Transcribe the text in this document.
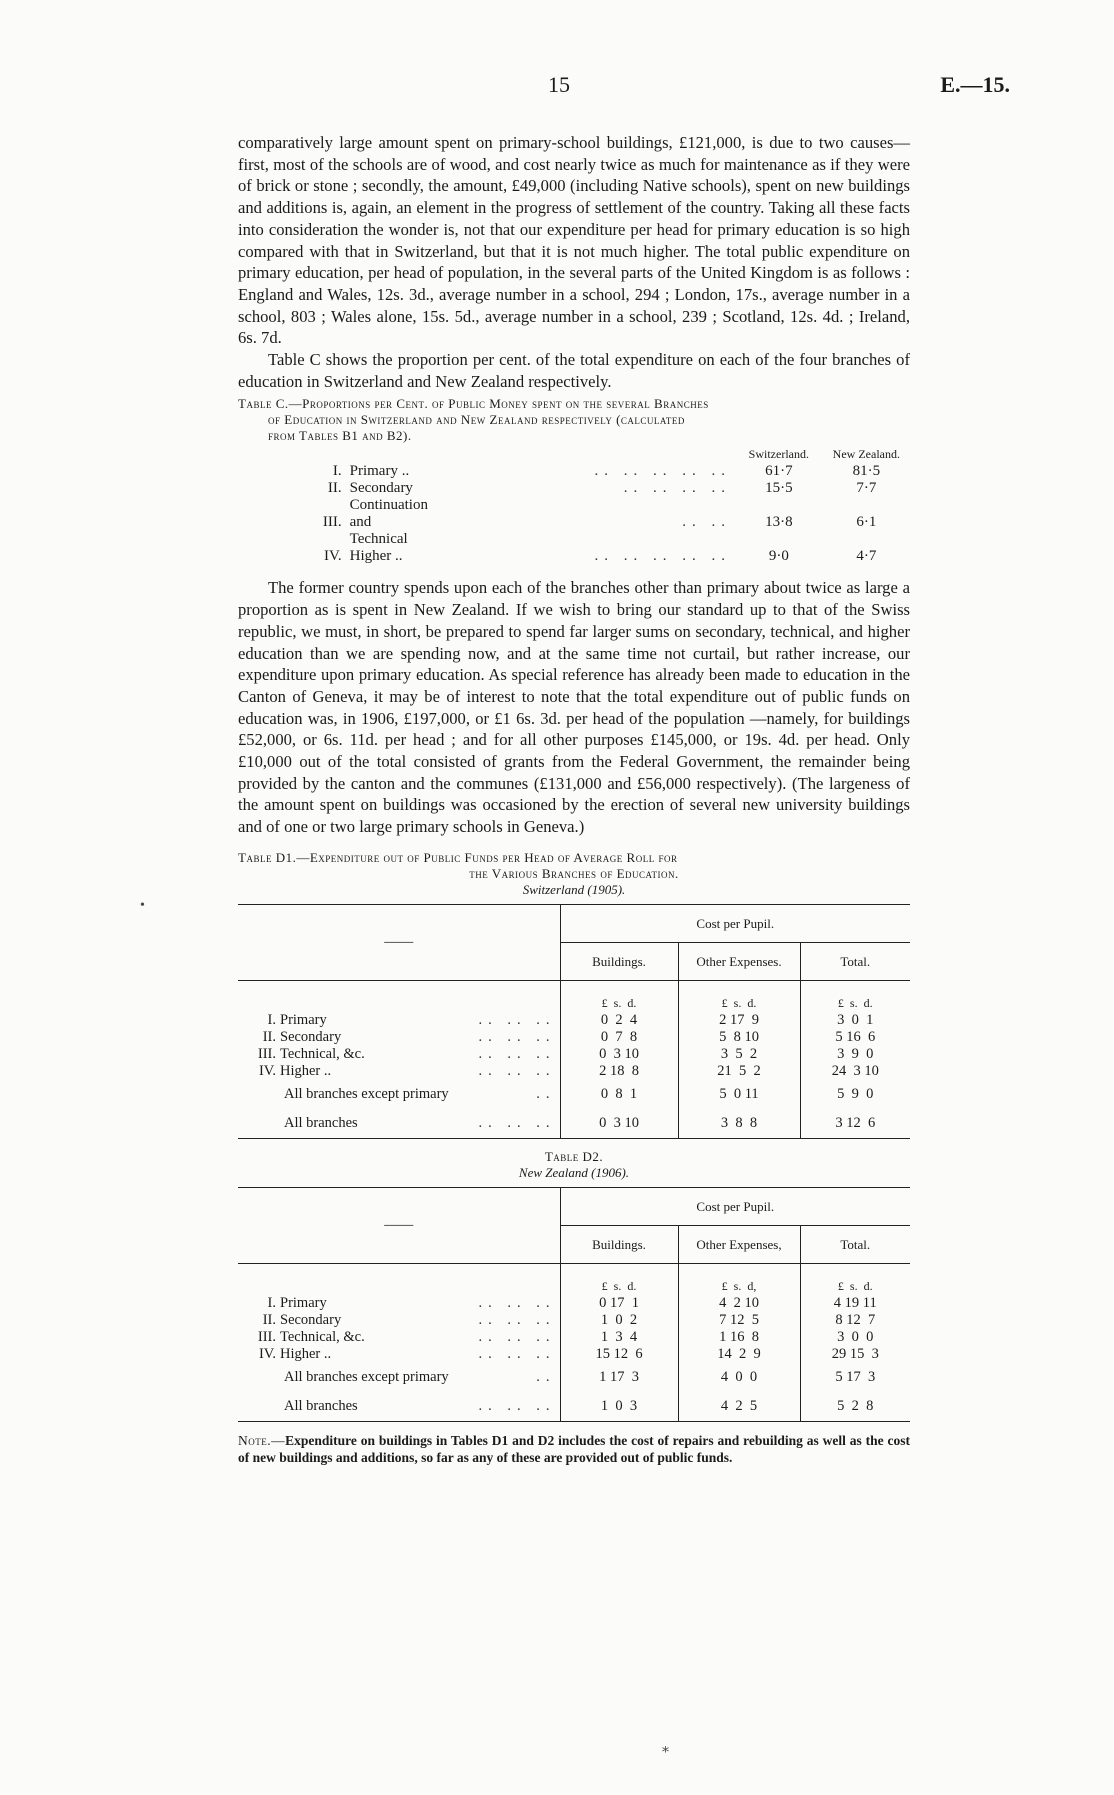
15	E.—15.

comparatively large amount spent on primary-school buildings, £121,000, is due to two causes—first, most of the schools are of wood, and cost nearly twice as much for maintenance as if they were of brick or stone ; secondly, the amount, £49,000 (including Native schools), spent on new buildings and additions is, again, an element in the progress of settlement of the country. Taking all these facts into consideration the wonder is, not that our expenditure per head for primary education is so high compared with that in Switzerland, but that it is not much higher. The total public expenditure on primary education, per head of population, in the several parts of the United Kingdom is as follows : England and Wales, 12s. 3d., average number in a school, 294 ; London, 17s., average number in a school, 803 ; Wales alone, 15s. 5d., average number in a school, 239 ; Scotland, 12s. 4d. ; Ireland, 6s. 7d.

Table C shows the proportion per cent. of the total expenditure on each of the four branches of education in Switzerland and New Zealand respectively.

Table C.—Proportions per Cent. of Public Money spent on the several Branches
of Education in Switzerland and New Zealand respectively (calculated
from Tables B1 and B2).
			Switzerland.	New Zealand.
I.	Primary ..	.. .. .. .. ..	61·7	81·5
II.	Secondary	.. .. .. ..	15·5	7·7
III.	Continuation and Technical	.. ..	13·8	6·1
IV.	Higher ..	.. .. .. .. ..	9·0	4·7

The former country spends upon each of the branches other than primary about twice as large a proportion as is spent in New Zealand. If we wish to bring our standard up to that of the Swiss republic, we must, in short, be prepared to spend far larger sums on secondary, technical, and higher education than we are spending now, and at the same time not curtail, but rather increase, our expenditure upon primary education. As special reference has already been made to education in the Canton of Geneva, it may be of interest to note that the total expenditure out of public funds on education was, in 1906, £197,000, or £1 6s. 3d. per head of the population —namely, for buildings £52,000, or 6s. 11d. per head ; and for all other purposes £145,000, or 19s. 4d. per head. Only £10,000 out of the total consisted of grants from the Federal Government, the remainder being provided by the canton and the communes (£131,000 and £56,000 respectively). (The largeness of the amount spent on buildings was occasioned by the erection of several new university buildings and of one or two large primary schools in Geneva.)

Table D1.—Expenditure out of Public Funds per Head of Average Roll for
the Various Branches of Education.
Switzerland (1905).
——	Cost per Pupil.		
	Buildings.	Other Expenses.	Total.
	£  s.  d.	£  s.  d.	£  s.  d.
I. Primary .. .. ..	0  2  4	2 17  9	3  0  1
II. Secondary .. .. ..	0  7  8	5  8 10	5 16  6
III. Technical, &c. .. .. ..	0  3 10	3  5  2	3  9  0
IV. Higher .. .. .. ..	2 18  8	21  5  2	24  3 10
All branches except primary ..	0  8  1	5  0 11	5  9  0
All branches .. .. ..	0  3 10	3  8  8	3 12  6
Table D2.
New Zealand (1906).
——	Cost per Pupil.		
	Buildings.	Other Expenses,	Total.
	£  s.  d.	£  s.  d,	£  s.  d.
I. Primary .. .. ..	0 17  1	4  2 10	4 19 11
II. Secondary .. .. ..	1  0  2	7 12  5	8 12  7
III. Technical, &c. .. .. ..	1  3  4	1 16  8	3  0  0
IV. Higher .. .. .. ..	15 12  6	14  2  9	29 15  3
All branches except primary ..	1 17  3	4  0  0	5 17  3
All branches .. .. ..	1  0  3	4  2  5	5  2  8
Note.—Expenditure on buildings in Tables D1 and D2 includes the cost of repairs and rebuilding as well as the cost of new buildings and additions, so far as any of these are provided out of public funds.
•
⁎
